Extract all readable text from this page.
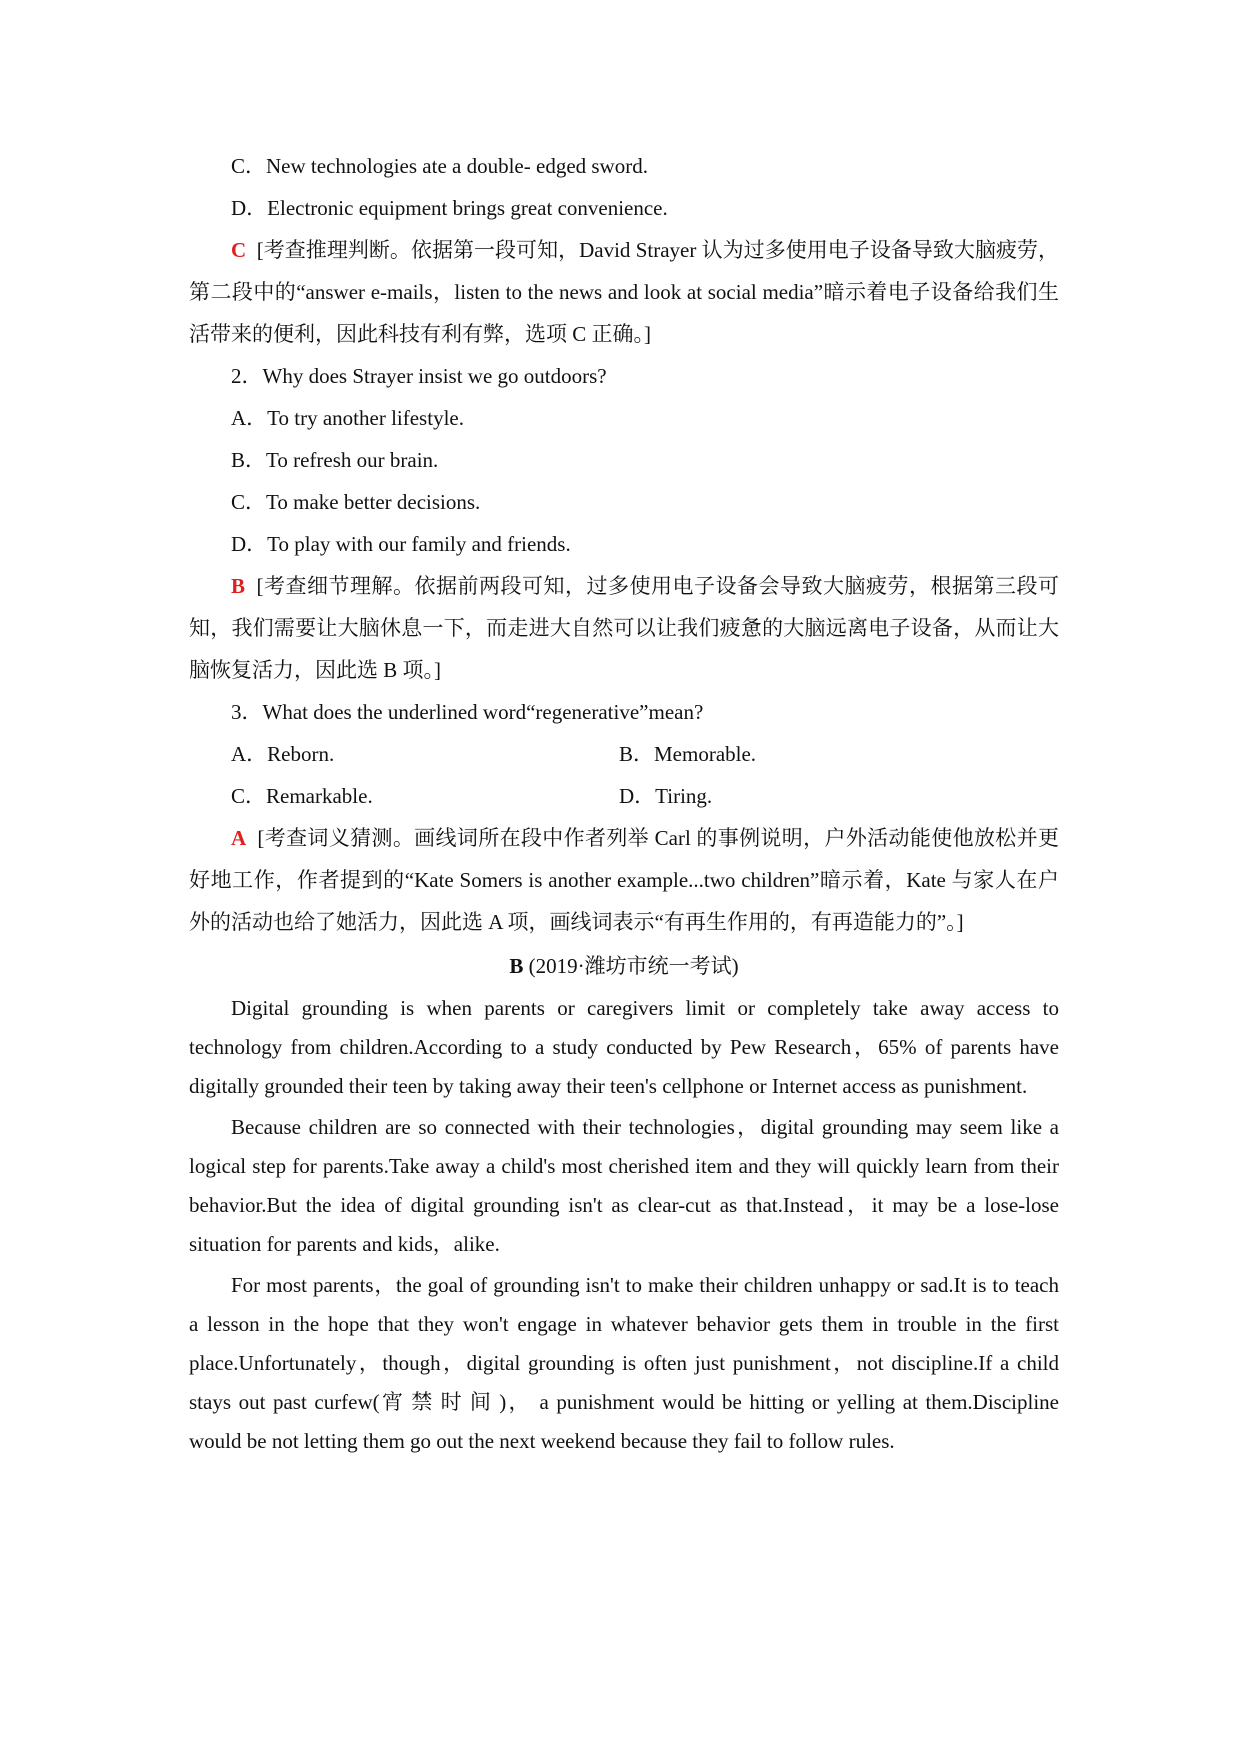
C．New technologies ate a double- edged sword.
D．Electronic equipment brings great convenience.
C [考查推理判断。依据第一段可知，David Strayer 认为过多使用电子设备导致大脑疲劳，第二段中的“answer e-mails，listen to the news and look at social media”暗示着电子设备给我们生活带来的便利，因此科技有利有弊，选项 C 正确。]
2．Why does Strayer insist we go outdoors?
A．To try another lifestyle.
B．To refresh our brain.
C．To make better decisions.
D．To play with our family and friends.
B [考查细节理解。依据前两段可知，过多使用电子设备会导致大脑疲劳，根据第三段可知，我们需要让大脑休息一下，而走进大自然可以让我们疲惫的大脑远离电子设备，从而让大脑恢复活力，因此选 B 项。]
3．What does the underlined word“regenerative”mean?
A．Reborn.	B．Memorable.
C．Remarkable.	D．Tiring.
A [考查词义猜测。画线词所在段中作者列举 Carl 的事例说明，户外活动能使他放松并更好地工作，作者提到的“Kate Somers is another example...two children”暗示着，Kate 与家人在户外的活动也给了她活力，因此选 A 项，画线词表示“有再生作用的，有再造能力的”。]
B (2019·潍坊市统一考试)
Digital grounding is when parents or caregivers limit or completely take away access to technology from children.According to a study conducted by Pew Research，65% of parents have digitally grounded their teen by taking away their teen's cellphone or Internet access as punishment.
Because children are so connected with their technologies，digital grounding may seem like a logical step for parents.Take away a child's most cherished item and they will quickly learn from their behavior.But the idea of digital grounding isn't as clear-cut as that.Instead，it may be a lose-lose situation for parents and kids，alike.
For most parents，the goal of grounding isn't to make their children unhappy or sad.It is to teach a lesson in the hope that they won't engage in whatever behavior gets them in trouble in the first place.Unfortunately，though，digital grounding is often just punishment，not discipline.If a child stays out past curfew(宵禁时间)， a punishment would be hitting or yelling at them.Discipline would be not letting them go out the next weekend because they fail to follow rules.
